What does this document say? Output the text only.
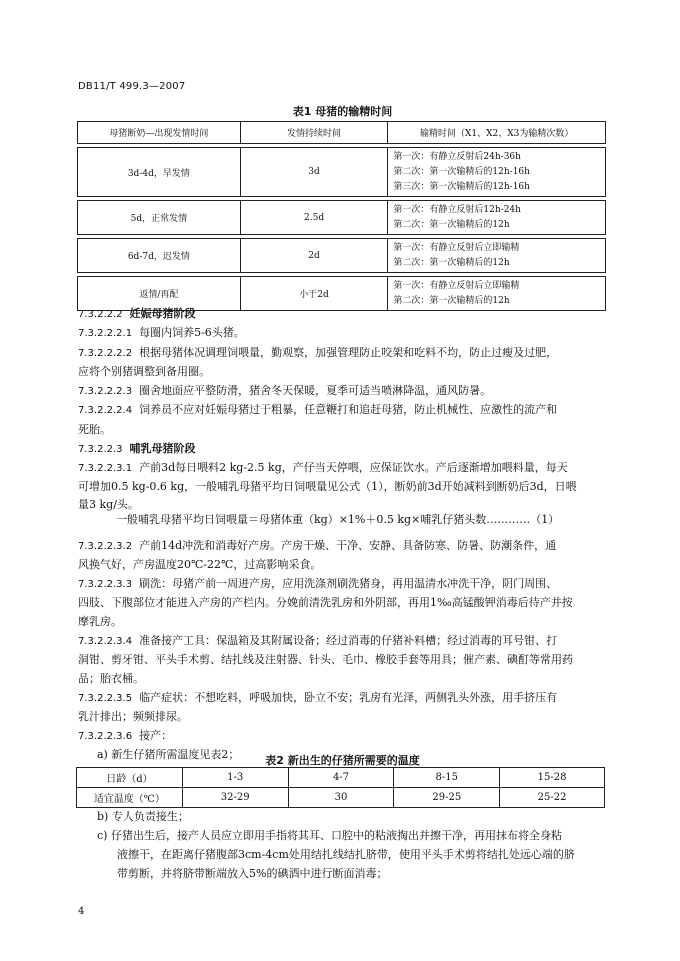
DB11/T 499.3—2007
表1 母猪的输精时间
母猪断奶—出现发情时间	发情持续时间	输精时间（X1、X2、X3为输精次数）

3d-4d，早发情	3d	第一次：有静立反射后24h-36h
第二次：第一次输精后的12h-16h
第三次：第一次输精后的12h-16h

5d，正常发情	2.5d	第一次：有静立反射后12h-24h
第二次：第一次输精后的12h

6d-7d，迟发情	2d	第一次：有静立反射后立即输精
第二次：第一次输精后的12h

返情/再配	小于2d	第一次：有静立反射后立即输精
第二次：第一次输精后的12h
7.3.2.2.2 妊娠母猪阶段
7.3.2.2.2.1 每圈内饲养5-6头猪。
7.3.2.2.2.2 根据母猪体况调理饲喂量，勤观察，加强管理防止咬架和吃料不均，防止过瘦及过肥，
应将个别猪调整到备用圈。
7.3.2.2.2.3 圈舍地面应平整防滑，猪舍冬天保暖，夏季可适当喷淋降温，通风防暑。
7.3.2.2.2.4 饲养员不应对妊娠母猪过于粗暴，任意鞭打和追赶母猪，防止机械性、应激性的流产和
死胎。
7.3.2.2.3 哺乳母猪阶段
7.3.2.2.3.1 产前3d每日喂料2 kg-2.5 kg，产仔当天停喂，应保证饮水。产后逐渐增加喂料量，每天
可增加0.5 kg-0.6 kg，一般哺乳母猪平均日饲喂量见公式（1），断奶前3d开始减料到断奶后3d，日喂
量3 kg/头。
一般哺乳母猪平均日饲喂量＝母猪体重（kg）×1%＋0.5 kg×哺乳仔猪头数…………（1）
7.3.2.2.3.2 产前14d冲洗和消毒好产房。产房干燥、干净、安静、具备防寒、防暑、防潮条件，通
风换气好，产房温度20℃-22℃，过高影响采食。
7.3.2.2.3.3 刷洗：母猪产前一周进产房，应用洗涤剂刷洗猪身，再用温清水冲洗干净，阴门周围、
四肢、下腹部位才能进入产房的产栏内。分娩前清洗乳房和外阴部，再用1‰高锰酸钾消毒后待产并按
摩乳房。
7.3.2.2.3.4 准备接产工具：保温箱及其附属设备；经过消毒的仔猪补料槽；经过消毒的耳号钳、打
洞钳、剪牙钳、平头手术剪、结扎线及注射器、针头、毛巾、橡胶手套等用具；催产素、碘酊等常用药
品；胎衣桶。
7.3.2.2.3.5 临产症状：不想吃料，呼吸加快，卧立不安；乳房有光泽，两侧乳头外涨，用手挤压有
乳汁排出；频频排尿。
7.3.2.2.3.6 接产：
a) 新生仔猪所需温度见表2；	表2 新出生的仔猪所需要的温度
日龄（d）	1-3	4-7	8-15	15-28
适宜温度（℃）	32-29	30	29-25	25-22
b) 专人负责接生；
c) 仔猪出生后，接产人员应立即用手指将其耳、口腔中的粘液掏出并擦干净，再用抹布将全身粘
液擦干，在距离仔猪腹部3cm-4cm处用结扎线结扎脐带，使用平头手术剪将结扎处远心端的脐
带剪断，并将脐带断端放入5%的碘酒中进行断面消毒；
4
